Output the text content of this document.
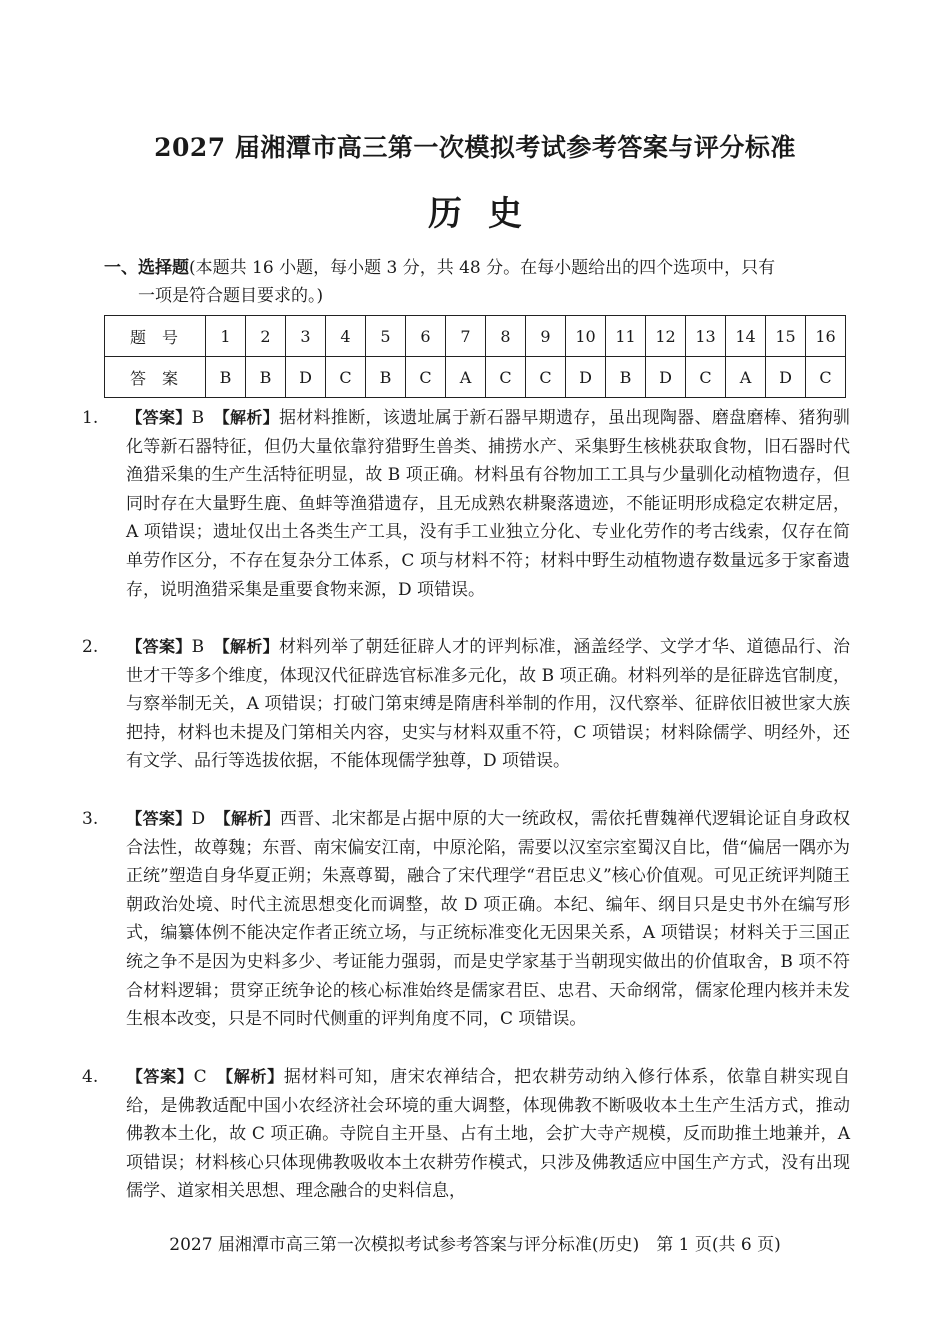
2027 届湘潭市高三第一次模拟考试参考答案与评分标准
历史
一、选择题(本题共 16 小题，每小题 3 分，共 48 分。在每小题给出的四个选项中，只有
一项是符合题目要求的。)
题号	1	2	3	4	5	6	7	8	9	10	11	12	13	14	15	16
答案	B	B	D	C	B	C	A	C	C	D	B	D	C	A	D	C

1. 【答案】B　 【解析】据材料推断，该遗址属于新石器早期遗存，虽出现陶器、磨盘磨棒、猪狗驯化等新石器特征，但仍大量依靠狩猎野生兽类、捕捞水产、采集野生核桃获取食物，旧石器时代渔猎采集的生产生活特征明显，故 B 项正确。材料虽有谷物加工工具与少量驯化动植物遗存，但同时存在大量野生鹿、鱼蚌等渔猎遗存，且无成熟农耕聚落遗迹，不能证明形成稳定农耕定居，A 项错误；遗址仅出土各类生产工具，没有手工业独立分化、专业化劳作的考古线索，仅存在简单劳作区分，不存在复杂分工体系，C 项与材料不符；材料中野生动植物遗存数量远多于家畜遗存，说明渔猎采集是重要食物来源，D 项错误。

2. 【答案】B　 【解析】材料列举了朝廷征辟人才的评判标准，涵盖经学、文学才华、道德品行、治世才干等多个维度，体现汉代征辟选官标准多元化，故 B 项正确。材料列举的是征辟选官制度，与察举制无关，A 项错误；打破门第束缚是隋唐科举制的作用，汉代察举、征辟依旧被世家大族把持，材料也未提及门第相关内容，史实与材料双重不符，C 项错误；材料除儒学、明经外，还有文学、品行等选拔依据，不能体现儒学独尊，D 项错误。

3. 【答案】D　 【解析】西晋、北宋都是占据中原的大一统政权，需依托曹魏禅代逻辑论证自身政权合法性，故尊魏；东晋、南宋偏安江南，中原沦陷，需要以汉室宗室蜀汉自比，借“偏居一隅亦为正统”塑造自身华夏正朔；朱熹尊蜀，融合了宋代理学“君臣忠义”核心价值观。可见正统评判随王朝政治处境、时代主流思想变化而调整，故 D 项正确。本纪、编年、纲目只是史书外在编写形式，编纂体例不能决定作者正统立场，与正统标准变化无因果关系，A 项错误；材料关于三国正统之争不是因为史料多少、考证能力强弱，而是史学家基于当朝现实做出的价值取舍，B 项不符合材料逻辑；贯穿正统争论的核心标准始终是儒家君臣、忠君、天命纲常，儒家伦理内核并未发生根本改变，只是不同时代侧重的评判角度不同，C 项错误。

4. 【答案】C　 【解析】据材料可知，唐宋农禅结合，把农耕劳动纳入修行体系，依靠自耕实现自给，是佛教适配中国小农经济社会环境的重大调整，体现佛教不断吸收本土生产生活方式，推动佛教本土化，故 C 项正确。寺院自主开垦、占有土地，会扩大寺产规模，反而助推土地兼并，A 项错误；材料核心只体现佛教吸收本土农耕劳作模式，只涉及佛教适应中国生产方式，没有出现儒学、道家相关思想、理念融合的史料信息，

2027 届湘潭市高三第一次模拟考试参考答案与评分标准(历史)　第 1 页(共 6 页)
